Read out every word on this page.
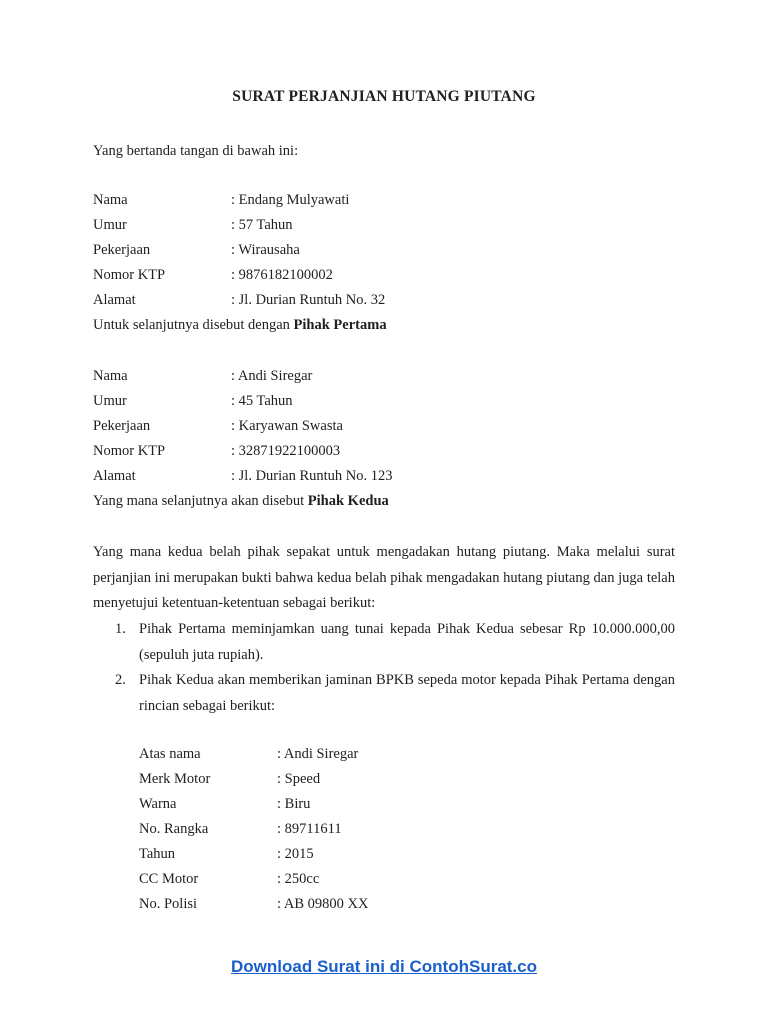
SURAT PERJANJIAN HUTANG PIUTANG
Yang bertanda tangan di bawah ini:
Nama	: Endang Mulyawati
Umur	: 57 Tahun
Pekerjaan	: Wirausaha
Nomor KTP	: 9876182100002
Alamat	: Jl. Durian Runtuh No. 32
Untuk selanjutnya disebut dengan Pihak Pertama
Nama	: Andi Siregar
Umur	: 45 Tahun
Pekerjaan	: Karyawan Swasta
Nomor KTP	: 32871922100003
Alamat	: Jl. Durian Runtuh No. 123
Yang mana selanjutnya akan disebut Pihak Kedua
Yang mana kedua belah pihak sepakat untuk mengadakan hutang piutang. Maka melalui surat perjanjian ini merupakan bukti bahwa kedua belah pihak mengadakan hutang piutang dan juga telah menyetujui ketentuan-ketentuan sebagai berikut:
1. Pihak Pertama meminjamkan uang tunai kepada Pihak Kedua sebesar Rp 10.000.000,00 (sepuluh juta rupiah).
2. Pihak Kedua akan memberikan jaminan BPKB sepeda motor kepada Pihak Pertama dengan rincian sebagai berikut:
Atas nama	: Andi Siregar
Merk Motor	: Speed
Warna	: Biru
No. Rangka	: 89711611
Tahun	: 2015
CC Motor	: 250cc
No. Polisi	: AB 09800 XX
Download Surat ini di ContohSurat.co
